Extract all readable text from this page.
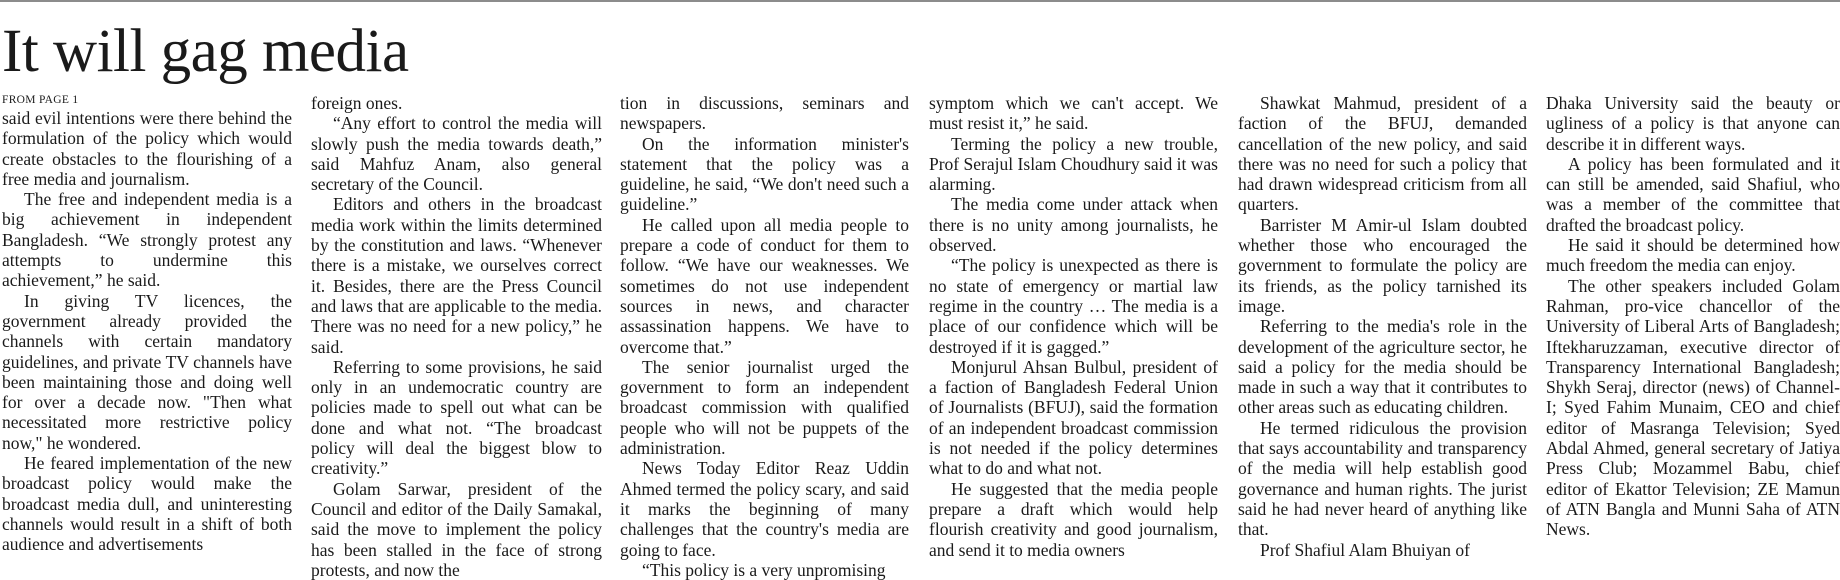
It will gag media
FROM PAGE 1

said evil intentions were there behind the formulation of the policy which would create obstacles to the flourishing of a free media and journalism.

The free and independent media is a big achievement in independent Bangladesh. “We strongly protest any attempts to undermine this achievement,” he said.

In giving TV licences, the government already provided the channels with certain mandatory guidelines, and private TV channels have been maintaining those and doing well for over a decade now. "Then what necessitated more restrictive policy now," he wondered.

He feared implementation of the new broadcast policy would make the broadcast media dull, and uninteresting channels would result in a shift of both audience and advertisements

foreign ones.

“Any effort to control the media will slowly push the media towards death,” said Mahfuz Anam, also general secretary of the Council.

Editors and others in the broadcast media work within the limits determined by the constitution and laws. “Whenever there is a mistake, we ourselves correct it. Besides, there are the Press Council and laws that are applicable to the media. There was no need for a new policy,” he said.

Referring to some provisions, he said only in an undemocratic country are policies made to spell out what can be done and what not. “The broadcast policy will deal the biggest blow to creativity.”

Golam Sarwar, president of the Council and editor of the Daily Samakal, said the move to implement the policy has been stalled in the face of strong protests, and now the

tion in discussions, seminars and newspapers.

On the information minister's statement that the policy was a guideline, he said, “We don't need such a guideline.”

He called upon all media people to prepare a code of conduct for them to follow. “We have our weaknesses. We sometimes do not use independent sources in news, and character assassination happens. We have to overcome that.”

The senior journalist urged the government to form an independent broadcast commission with qualified people who will not be puppets of the administration.

News Today Editor Reaz Uddin Ahmed termed the policy scary, and said it marks the beginning of many challenges that the country's media are going to face.

“This policy is a very unpromising

symptom which we can't accept. We must resist it,” he said.

Terming the policy a new trouble, Prof Serajul Islam Choudhury said it was alarming.

The media come under attack when there is no unity among journalists, he observed.

“The policy is unexpected as there is no state of emergency or martial law regime in the country … The media is a place of our confidence which will be destroyed if it is gagged.”

Monjurul Ahsan Bulbul, president of a faction of Bangladesh Federal Union of Journalists (BFUJ), said the formation of an independent broadcast commission is not needed if the policy determines what to do and what not.

He suggested that the media people prepare a draft which would help flourish creativity and good journalism, and send it to media owners

Shawkat Mahmud, president of a faction of the BFUJ, demanded cancellation of the new policy, and said there was no need for such a policy that had drawn widespread criticism from all quarters.

Barrister M Amir-ul Islam doubted whether those who encouraged the government to formulate the policy are its friends, as the policy tarnished its image.

Referring to the media's role in the development of the agriculture sector, he said a policy for the media should be made in such a way that it contributes to other areas such as educating children.

He termed ridiculous the provision that says accountability and transparency of the media will help establish good governance and human rights. The jurist said he had never heard of anything like that.

Prof Shafiul Alam Bhuiyan of

Dhaka University said the beauty or ugliness of a policy is that anyone can describe it in different ways.

A policy has been formulated and it can still be amended, said Shafiul, who was a member of the committee that drafted the broadcast policy.

He said it should be determined how much freedom the media can enjoy.

The other speakers included Golam Rahman, pro-vice chancellor of the University of Liberal Arts of Bangladesh; Iftekharuzzaman, executive director of Transparency International Bangladesh; Shykh Seraj, director (news) of Channel-I; Syed Fahim Munaim, CEO and chief editor of Masranga Television; Syed Abdal Ahmed, general secretary of Jatiya Press Club; Mozammel Babu, chief editor of Ekattor Television; ZE Mamun of ATN Bangla and Munni Saha of ATN News.
